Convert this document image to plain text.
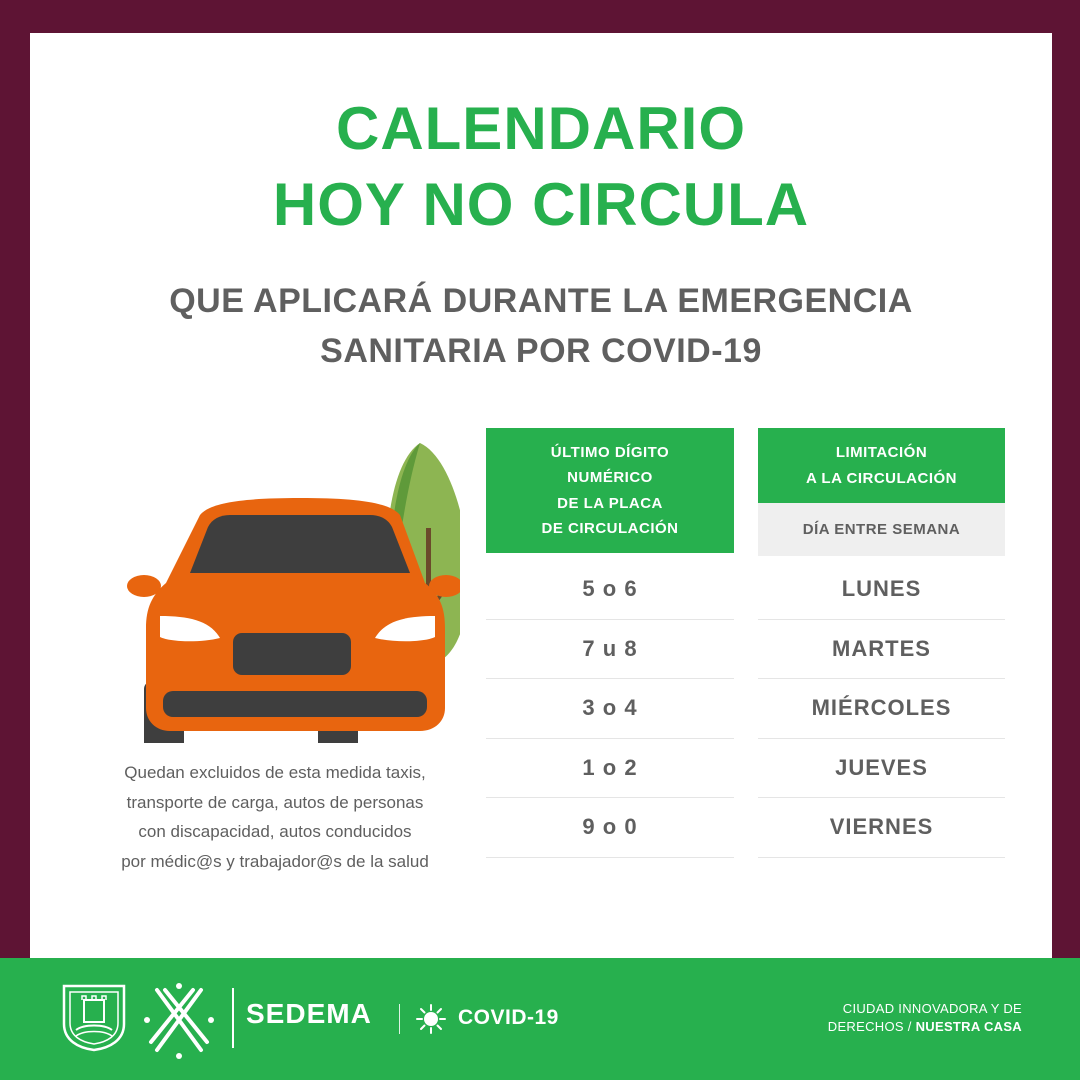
CALENDARIO
HOY NO CIRCULA
QUE APLICARÁ DURANTE LA EMERGENCIA
SANITARIA POR COVID-19
Quedan excluidos de esta medida taxis,
transporte de carga, autos de personas
con discapacidad, autos conducidos
por médic@s y trabajador@s de la salud
ÚLTIMO DÍGITO
NUMÉRICO
DE LA PLACA
DE CIRCULACIÓN
LIMITACIÓN
A LA CIRCULACIÓN
DÍA ENTRE SEMANA
5 o 6
7 u 8
3 o 4
1 o 2
9 o 0
LUNES
MARTES
MIÉRCOLES
JUEVES
VIERNES
SEDEMA	COVID-19	CIUDAD INNOVADORA Y DE
DERECHOS / NUESTRA CASA
